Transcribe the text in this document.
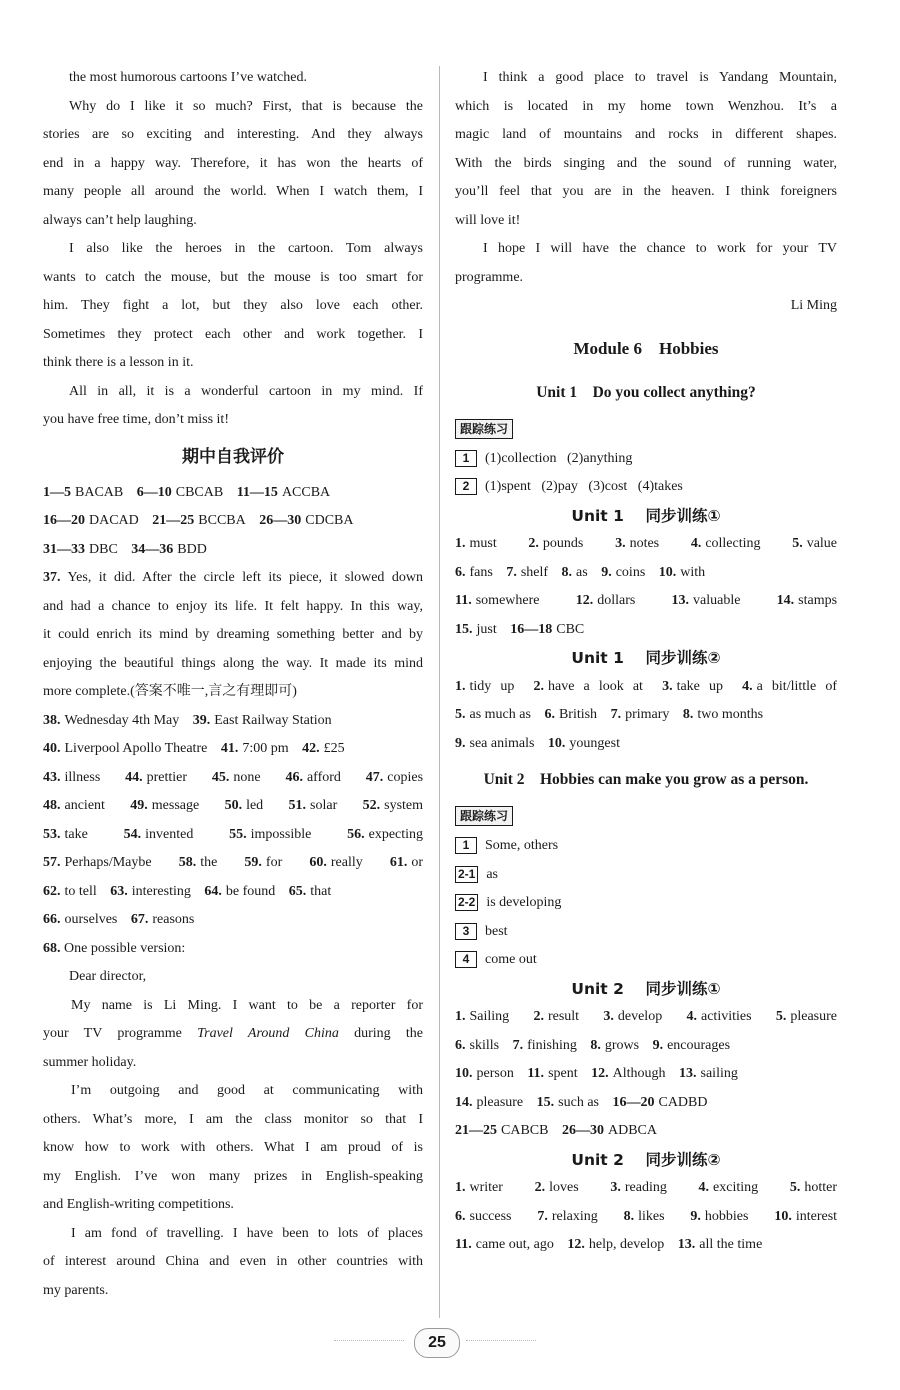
the most humorous cartoons I’ve watched.
Why do I like it so much? First, that is because the
stories are so exciting and interesting. And they always
end in a happy way. Therefore, it has won the hearts of
many people all around the world. When I watch them, I
always can’t help laughing.
I also like the heroes in the cartoon. Tom always
wants to catch the mouse, but the mouse is too smart for
him. They fight a lot, but they also love each other.
Sometimes they protect each other and work together. I
think there is a lesson in it.
All in all, it is a wonderful cartoon in my mind. If
you have free time, don’t miss it!
期中自我评价
1—5 BACAB 6—10 CBCAB 11—15 ACCBA
16—20 DACAD 21—25 BCCBA 26—30 CDCBA
31—33 DBC 34—36 BDD
37. Yes, it did. After the circle left its piece, it slowed down
and had a chance to enjoy its life. It felt happy. In this way,
it could enrich its mind by dreaming something better and by
enjoying the beautiful things along the way. It made its mind
more complete.(答案不唯一,言之有理即可)
38. Wednesday 4th May 39. East Railway Station
40. Liverpool Apollo Theatre 41. 7:00 pm 42. £25
43. illness 44. prettier 45. none 46. afford 47. copies
48. ancient 49. message 50. led 51. solar 52. system
53. take	54. invented	55. impossible	56. expecting
57. Perhaps/Maybe 58. the 59. for 60. really 61. or
62. to tell 63. interesting 64. be found 65. that
66. ourselves 67. reasons
68. One possible version:
Dear director,
My name is Li Ming. I want to be a reporter for
your TV programme Travel Around China during the
summer holiday.
I’m outgoing and good at communicating with
others. What’s more, I am the class monitor so that I
know how to work with others. What I am proud of is
my English. I’ve won many prizes in English-speaking
and English-writing competitions.
I am fond of travelling. I have been to lots of places
of interest around China and even in other countries with
my parents.
I think a good place to travel is Yandang Mountain,
which is located in my home town Wenzhou. It’s a
magic land of mountains and rocks in different shapes.
With the birds singing and the sound of running water,
you’ll feel that you are in the heaven. I think foreigners
will love it!
I hope I will have the chance to work for your TV
programme.
Li Ming
Module 6    Hobbies
Unit 1    Do you collect anything?
跟踪练习
1 (1)collection   (2)anything
2 (1)spent   (2)pay   (3)cost   (4)takes
Unit 1    同步训练①
1. must 2. pounds 3. notes 4. collecting 5. value
6. fans 7. shelf 8. as 9. coins 10. with
11. somewhere	12. dollars	13. valuable	14. stamps
15. just 16—18 CBC
Unit 1    同步训练②
1. tidy up 2. have a look at 3. take up 4. a bit/little of
5. as much as 6. British 7. primary 8. two months
9. sea animals 10. youngest
Unit 2    Hobbies can make you grow as a person.
跟踪练习
1 Some, others
2-1 as
2-2 is developing
3 best
4 come out
Unit 2    同步训练①
1. Sailing 2. result 3. develop 4. activities 5. pleasure
6. skills 7. finishing 8. grows 9. encourages
10. person 11. spent 12. Although 13. sailing
14. pleasure 15. such as 16—20 CADBD
21—25 CABCB 26—30 ADBCA
Unit 2    同步训练②
1. writer 2. loves 3. reading 4. exciting 5. hotter
6. success 7. relaxing 8. likes 9. hobbies 10. interest
11. came out, ago 12. help, develop 13. all the time
25
